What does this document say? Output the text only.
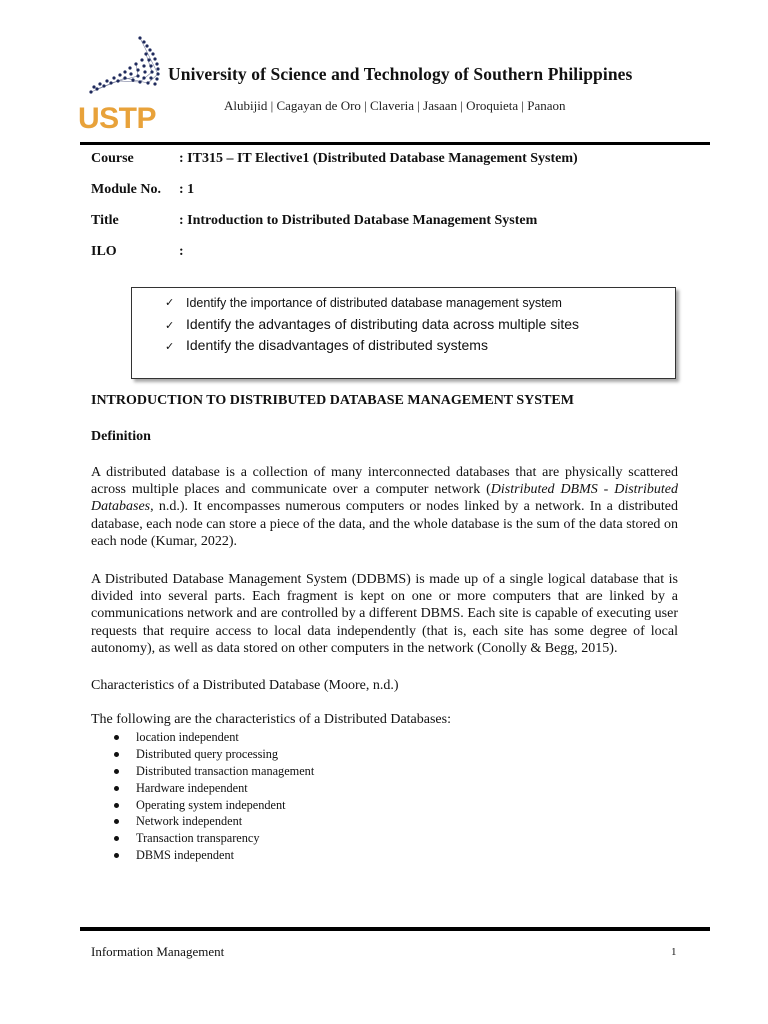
USTP
University of Science and Technology of Southern Philippines
Alubijid | Cagayan de Oro | Claveria | Jasaan | Oroquieta | Panaon
Course	: IT315 – IT Elective1 (Distributed Database Management System)
Module No. : 1
Title	: Introduction to Distributed Database Management System
ILO	:
✓ Identify the importance of distributed database management system
✓ Identify the advantages of distributing data across multiple sites
✓ Identify the disadvantages of distributed systems
INTRODUCTION TO DISTRIBUTED DATABASE MANAGEMENT SYSTEM
Definition

A distributed database is a collection of many interconnected databases that are physically scattered across multiple places and communicate over a computer network (Distributed DBMS - Distributed Databases, n.d.). It encompasses numerous computers or nodes linked by a network. In a distributed database, each node can store a piece of the data, and the whole database is the sum of the data stored on each node (Kumar, 2022).

A Distributed Database Management System (DDBMS) is made up of a single logical database that is divided into several parts. Each fragment is kept on one or more computers that are linked by a communications network and are controlled by a different DBMS. Each site is capable of executing user requests that require access to local data independently (that is, each site has some degree of local autonomy), as well as data stored on other computers in the network (Conolly & Begg, 2015).

Characteristics of a Distributed Database (Moore, n.d.)

The following are the characteristics of a Distributed Databases:

location independent
Distributed query processing
Distributed transaction management
Hardware independent
Operating system independent
Network independent
Transaction transparency
DBMS independent
Information Management	1
